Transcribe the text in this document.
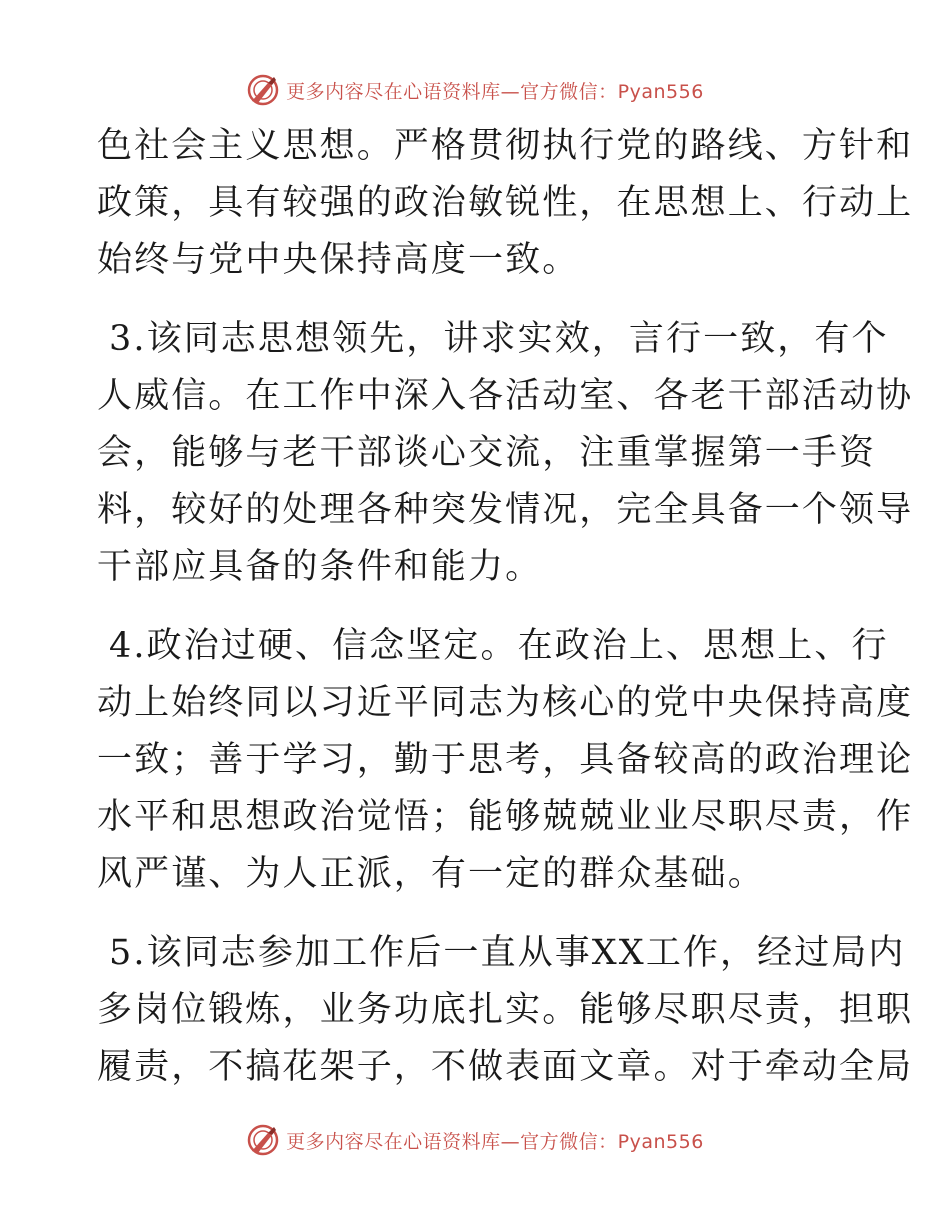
更多内容尽在心语资料库—官方微信：Pyan556
色社会主义思想。严格贯彻执行党的路线、方针和
政策，具有较强的政治敏锐性，在思想上、行动上
始终与党中央保持高度一致。
3.该同志思想领先，讲求实效，言行一致，有个
人威信。在工作中深入各活动室、各老干部活动协
会，能够与老干部谈心交流，注重掌握第一手资
料，较好的处理各种突发情况，完全具备一个领导
干部应具备的条件和能力。
4.政治过硬、信念坚定。在政治上、思想上、行
动上始终同以习近平同志为核心的党中央保持高度
一致；善于学习，勤于思考，具备较高的政治理论
水平和思想政治觉悟；能够兢兢业业尽职尽责，作
风严谨、为人正派，有一定的群众基础。
5.该同志参加工作后一直从事XX工作，经过局内
多岗位锻炼，业务功底扎实。能够尽职尽责，担职
履责，不搞花架子，不做表面文章。对于牵动全局
更多内容尽在心语资料库—官方微信：Pyan556
